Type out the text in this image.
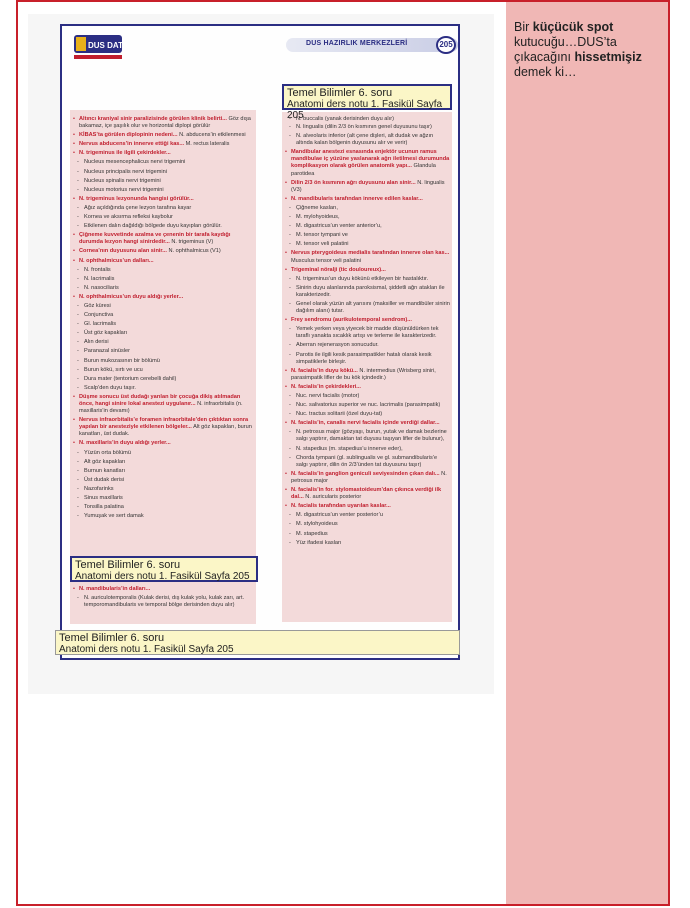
Bir küçücük spot
kutucuğu…DUS’ta
çıkacağını hissetmişiz
demek ki…
DUS DATA	DUS HAZIRLIK MERKEZLERİ	205
• Altıncı kraniyal sinir paralizisinde görülen klinik belirti... Göz dışa bakamaz, içe şaşılık olur ve horizontal diplopi görülür
• KİBAS’ta görülen diplopinin nedeni... N. abducens’in etkilenmesi
• Nervus abducens’in innerve ettiği kas... M. rectus lateralis
• N. trigeminus ile ilgili çekirdekler...
- Nucleus mesencephalicus nervi trigemini
- Nucleus principalis nervi trigemini
- Nucleus spinalis nervi trigemini
- Nucleus motorius nervi trigemini
• N. trigeminus lezyonunda hangisi görülür...
- Ağız açıldığında çene lezyon tarafına kayar
- Kornea ve aksırma refleksi kaybolur
- Etkilenen dalın dağıldığı bölgede duyu kayıpları görülür.
• Çiğneme kuvvetinde azalma ve çenenin bir tarafa kaydığı durumda lezyon hangi sinirdedir... N. trigeminus (V)
• Cornea’nın duyusunu alan sinir... N. ophthalmicus (V1)
• N. ophthalmicus’un dalları...
- N. frontalis
- N. lacrimalis
- N. nasociliaris
• N. ophthalmicus’un duyu aldığı yerler...
- Göz küresi
- Conjunctiva
- Gl. lacrimalis
- Üst göz kapakları
- Alın derisi
- Paranazal sinüsler
- Burun mukozasının bir bölümü
- Burun kökü, sırtı ve ucu
- Dura mater (tentorium cerebelli dahil)
- Scalp’den duyu taşır.
• Düşme sonucu üst dudağı yarılan bir çocuğa dikiş atılmadan önce, hangi sinire lokal anestezi uygulanır... N. infraorbitalis (n. maxillaris’in devamı)
• Nervus infraorbitalis’e foramen infraorbitale’den çıktıktan sonra yapılan bir anesteziyle etkilenen bölgeler... Alt göz kapakları, burun kanatları, üst dudak.
• N. maxillaris’in duyu aldığı yerler...
- Yüzün orta bölümü
- Alt göz kapakları
- Burnun kanatları
- Üst dudak derisi
- Nazofarinks
- Sinus maxillaris
- Tonsilla palatina
- Yumuşak ve sert damak
• N. mandibularis’in dalları...
- N. auriculotemporalis (Kulak derisi, dış kulak yolu, kulak zarı, art. temporomandibularis ve temporal bölge derisinden duyu alır)
- N. lingualis (dilin 2/3 ön kısmının genel duyusunu taşır)
- N. alveolaris inferior (alt çene dişleri, alt dudak ve ağzın altında kalan bölgenin duyusunu alır ve verir)
• Mandibular anestezi esnasında enjektör ucunun ramus mandibulae iç yüzüne yaslanarak ağrı iletilmesi durumunda komplikasyon olarak görülen anatomik yapı... Glandula parotidea
• Dilin 2/3 ön kısmının ağrı duyusunu alan sinir... N. lingualis (V3)
• N. mandibularis tarafından innerve edilen kaslar...
- Çiğneme kasları,
- M. mylohyoideus,
- M. digastricus’un venter anterior’u,
- M. tensor tympani ve
- M. tensor veli palatini
• Nervus pterygoideus medialis tarafından innerve olan kas... Musculus tensor veli palatini
• Trigeminal nöralji (tic douloureux)...
- N. trigeminus’un duyu kökünü etkileyen bir hastalıktır.
- Sinirin duyu alanlarında paroksismal, şiddetli ağrı atakları ile karakterizedir.
- Genel olarak yüzün alt yarısını (maksiller ve mandibüler sinirin dağılım alanı) tutar.
• Frey sendromu (aurikulotemporal sendrom)...
- Yemek yerken veya yiyecek bir madde düşünüldürken tek taraflı yanakta sıcaklık artışı ve terleme ile karakterizedir.
- Aberran rejenerasyon sonucudur.
- Parotis ile ilgili kesik parasimpatikler hatalı olarak kesik simpatiklerle birleşir.
• N. facialis’in duyu kökü... N. intermedius (Wrisberg siniri, parasimpatik lifler de bu kök içindedir.)
• N. facialis’in çekirdekleri...
- Nuc. nervi facialis (motor)
- Nuc. salivatorius superior ve nuc. lacrimalis (parasimpatik)
- Nuc. tractus solitarii (özel duyu-tat)
• N. facialis’in, canalis nervi facialis içinde verdiği dallar...
- N. petrosus major (gözyaşı, burun, yutak ve damak bezlerine salgı yaptırır, damaktan tat duyusu taşıyan lifler de bulunur),
- N. stapedius (m. stapedius’u innerve eder),
- Chorda tympani (gl. sublingualis ve gl. submandibularis’e salgı yaptırır, dilin ön 2/3’ünden tat duyusunu taşır)
• N. facialis’in ganglion geniculi seviyesinden çıkan dalı... N. petrosus major
• N. facialis’in for. stylomastoideum’dan çıkınca verdiği ilk dal... N. auricularis posterior
• N. facialis tarafından uyarılan kaslar...
- M. digastricus’un venter posterior’u
- M. stylohyoideus
- M. stapedius
- Yüz ifadesi kasları
- N. buccalis (yanak derisinden duyu alır)
Temel Bilimler 6. soru
Anatomi ders notu 1. Fasikül Sayfa 205
Temel Bilimler 6. soru
Anatomi ders notu 1. Fasikül Sayfa 205
Temel Bilimler 6. soru
Anatomi ders notu 1. Fasikül Sayfa 205
